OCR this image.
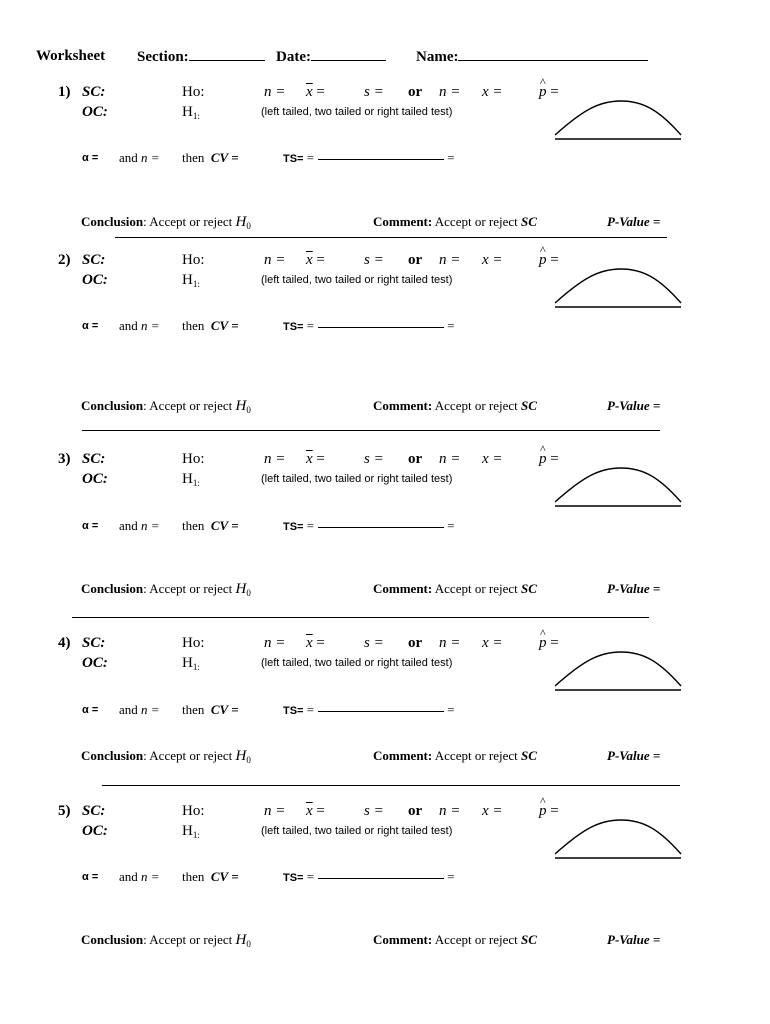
Worksheet Section:	Date:	Name:
1) SC:	Ho:	$n = \overline{x}$ =	s = or n = x = ^ p =
OC:	$H_{1:}$	(left tailed, two tailed or right tailed test)
α = and n = then CV =	TS= =	=
Conclusion: Accept or reject $H_0$	Comment: Accept or reject SC	P-Value =
2) SC:	Ho:	$n = \overline{x}$ =	s = or n = x = ^ p =
OC:	$H_{1:}$	(left tailed, two tailed or right tailed test)
α = and n = then CV =	TS= =	=
Conclusion: Accept or reject $H_0$	Comment: Accept or reject SC	P-Value =
3) SC:	Ho:	$n = \overline{x}$ =	s = or n = x = ^ p =
OC:	$H_{1:}$	(left tailed, two tailed or right tailed test)
α = and n = then CV =	TS= =	=
Conclusion: Accept or reject $H_0$	Comment: Accept or reject SC	P-Value =
4) SC:	Ho:	$n = \overline{x}$ =	s = or n = x = ^ p =
OC:	$H_{1:}$	(left tailed, two tailed or right tailed test)
α = and n = then CV =	TS= =	=
Conclusion: Accept or reject $H_0$	Comment: Accept or reject SC	P-Value =
5) SC:	Ho:	$n = \overline{x}$ =	s = or n = x = ^ p =
OC:	$H_{1:}$	(left tailed, two tailed or right tailed test)
α = and n = then CV =	TS= =	=
Conclusion: Accept or reject $H_0$	Comment: Accept or reject SC	P-Value =
